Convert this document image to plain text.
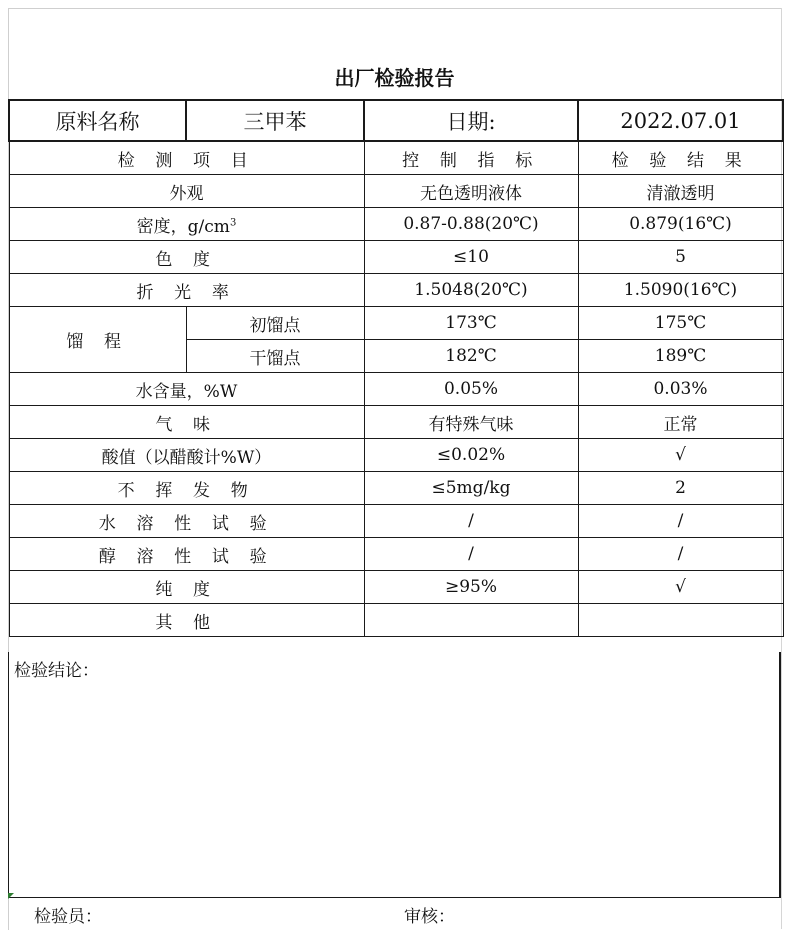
出厂检验报告
原料名称	三甲苯	日期:	2022.07.01
检 测 项 目		控 制 指 标	检 验 结 果
外观		无色透明液体	清澈透明
密度，$g/cm^3$		0.87-0.88(20℃)	0.879(16℃)
色 度		≤10	5
折 光 率		1.5048(20℃)	1.5090(16℃)
馏 程	初馏点	173℃	175℃
	干馏点	182℃	189℃
水含量，%W		0.05%	0.03%
气 味		有特殊气味	正常
酸值（以醋酸计%W）		≤0.02%	√
不 挥 发 物		≤5mg/kg	2
水 溶 性 试 验		/	/
醇 溶 性 试 验		/	/
纯 度		≥95%	√
其 他			
检验结论：
检验员：	审核：
